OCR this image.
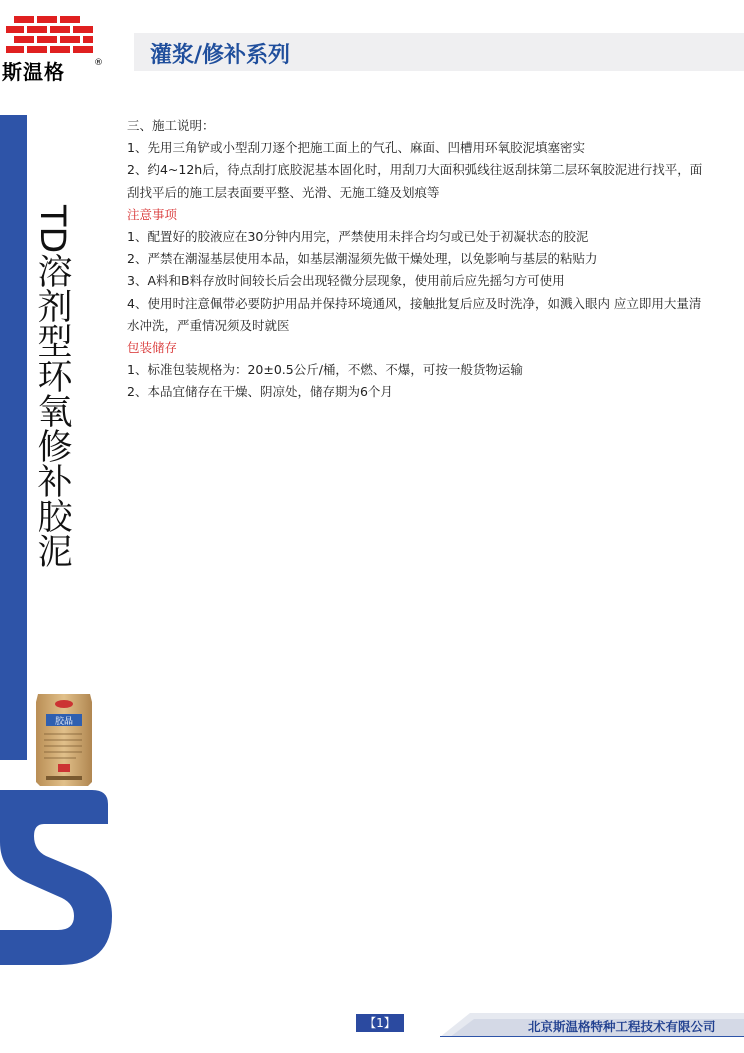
斯温格	® 灌浆/修补系列
TD溶剂型环氧修补胶泥
胶晶

三、施工说明：

1、先用三角铲或小型刮刀逐个把施工面上的气孔、麻面、凹槽用环氧胶泥填塞密实

2、约4~12h后，待点刮打底胶泥基本固化时，用刮刀大面积弧线往返刮抹第二层环氧胶泥进行找平，面

刮找平后的施工层表面要平整、光滑、无施工缝及划痕等

注意事项

1、配置好的胶液应在30分钟内用完，严禁使用未拌合均匀或已处于初凝状态的胶泥

2、严禁在潮湿基层使用本品，如基层潮湿须先做干燥处理，以免影响与基层的粘贴力

3、A料和B料存放时间较长后会出现轻微分层现象，使用前后应先摇匀方可使用

4、使用时注意佩带必要防护用品并保持环境通风，接触批复后应及时洗净，如溅入眼内 应立即用大量清

水冲洗，严重情况须及时就医

包装储存

1、标准包装规格为：20±0.5公斤/桶，不燃、不爆，可按一般货物运输

2、本品宜储存在干燥、阴凉处，储存期为6个月

【1】	北京斯温格特种工程技术有限公司
